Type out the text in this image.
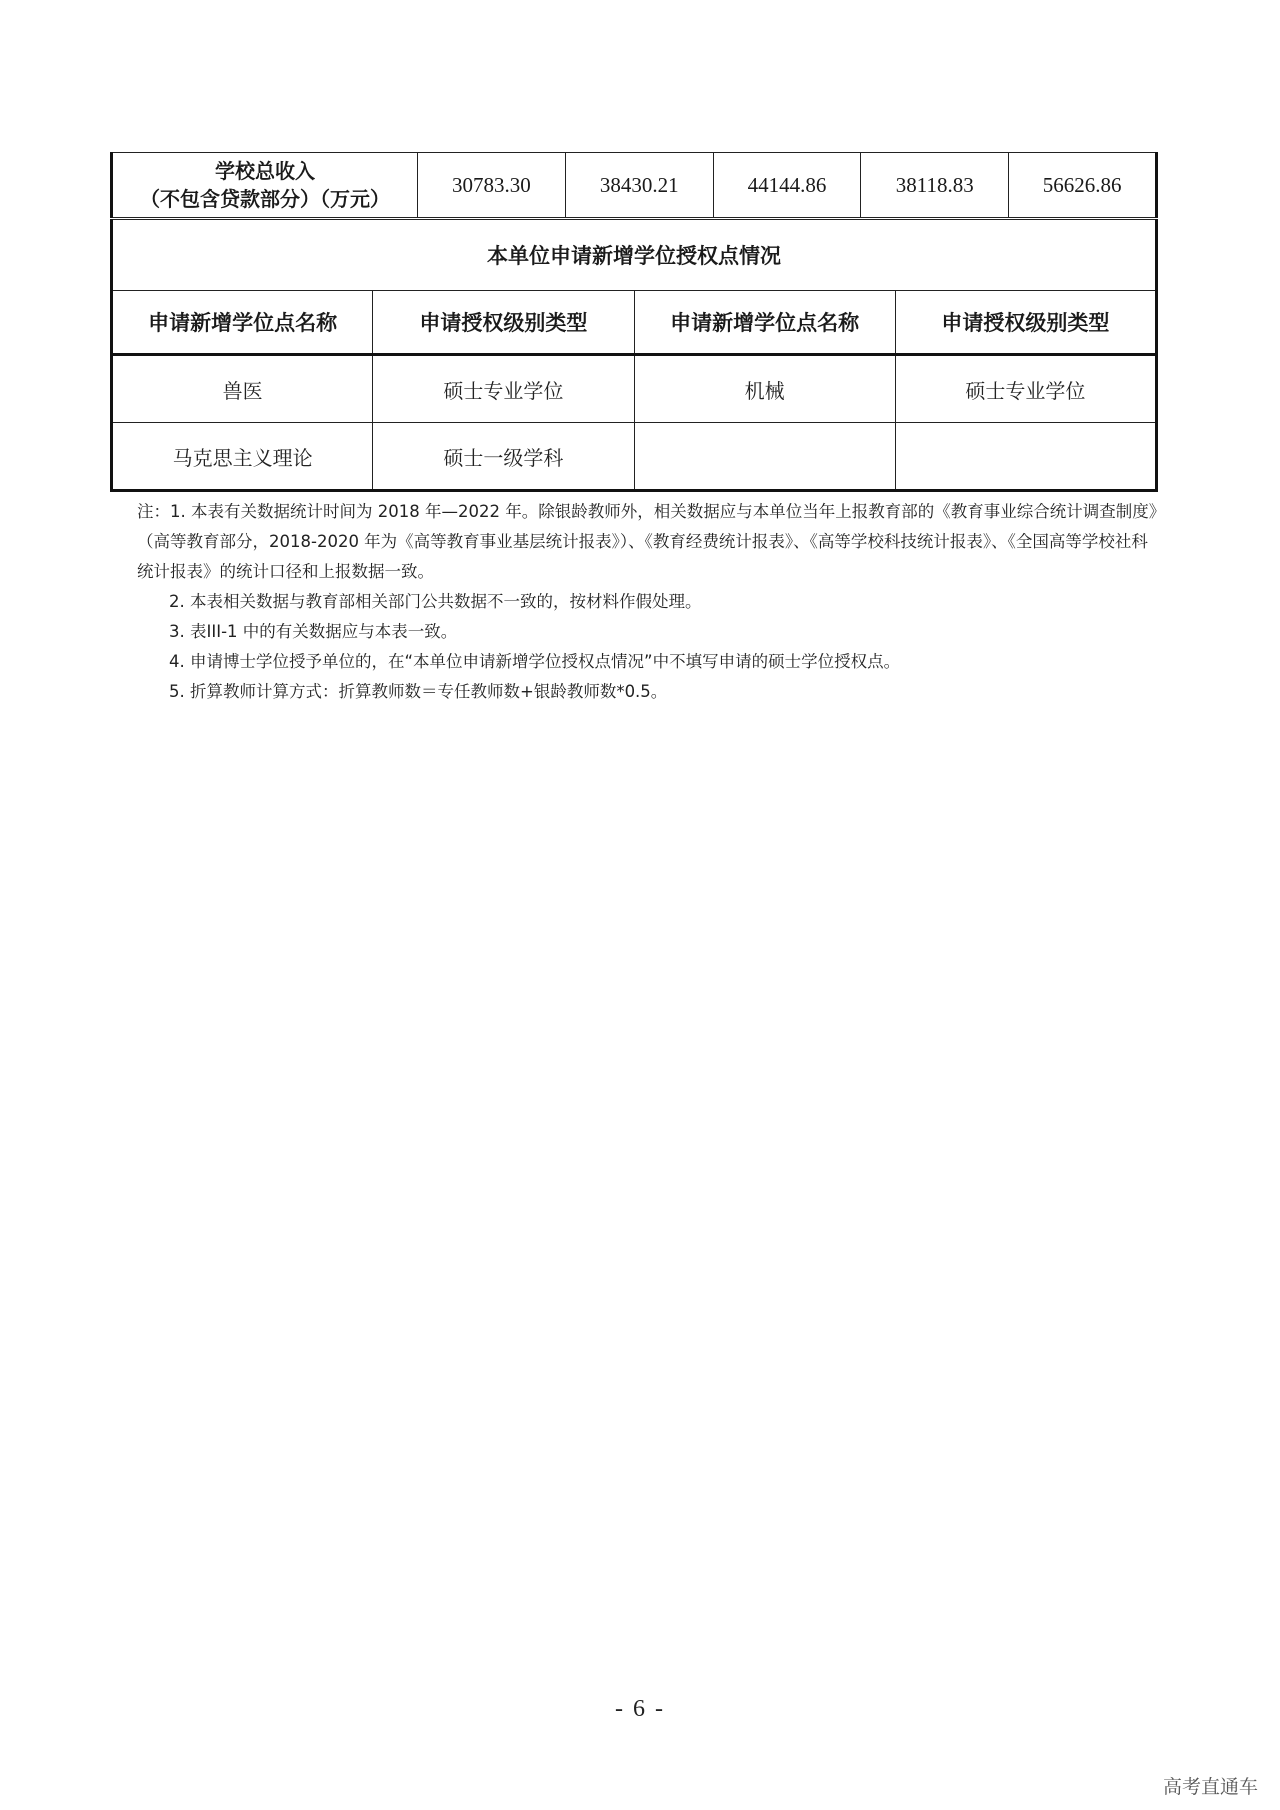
学校总收入
（不包含贷款部分）（万元）
	30783.30	38430.21	44144.86	38118.83	56626.86
本单位申请新增学位授权点情况			
申请新增学位点名称	申请授权级别类型	申请新增学位点名称	申请授权级别类型
兽医	硕士专业学位	机械	硕士专业学位
马克思主义理论	硕士一级学科		

注：1. 本表有关数据统计时间为 2018 年—2022 年。除银龄教师外，相关数据应与本单位当年上报教育部的《教育事业综合统计调查制度》（高等教育部分，2018-2020 年为《高等教育事业基层统计报表》）、《教育经费统计报表》、《高等学校科技统计报表》、《全国高等学校社科统计报表》的统计口径和上报数据一致。

2. 本表相关数据与教育部相关部门公共数据不一致的，按材料作假处理。

3. 表III-1 中的有关数据应与本表一致。

4. 申请博士学位授予单位的，在“本单位申请新增学位授权点情况”中不填写申请的硕士学位授权点。

5. 折算教师计算方式：折算教师数＝专任教师数+银龄教师数*0.5。

- 6 -
高考直通车
